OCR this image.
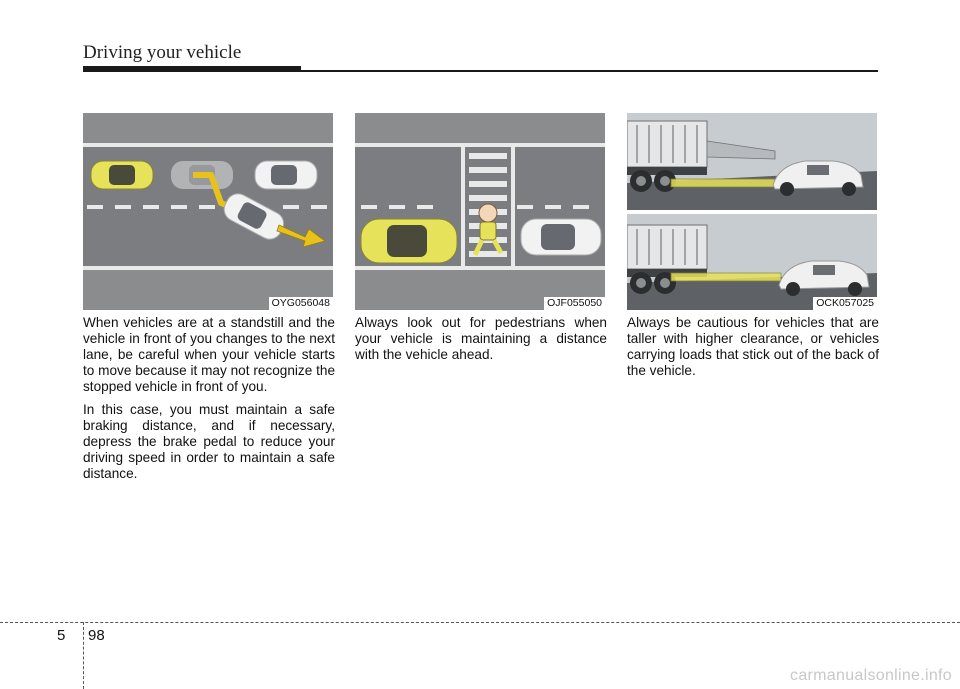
Driving your vehicle
OYG056048	OJF055050	OCK057025

When vehicles are at a standstill and the vehicle in front of you changes to the next lane, be careful when your vehicle starts to move because it may not recognize the stopped vehicle in front of you.

In this case, you must maintain a safe braking distance, and if necessary, depress the brake pedal to reduce your driving speed in order to maintain a safe distance.

Always look out for pedestrians when your vehicle is maintaining a distance with the vehicle ahead.

Always be cautious for vehicles that are taller with higher clearance, or vehicles carrying loads that stick out of the back of the vehicle.

5 98
carmanualsonline.info
